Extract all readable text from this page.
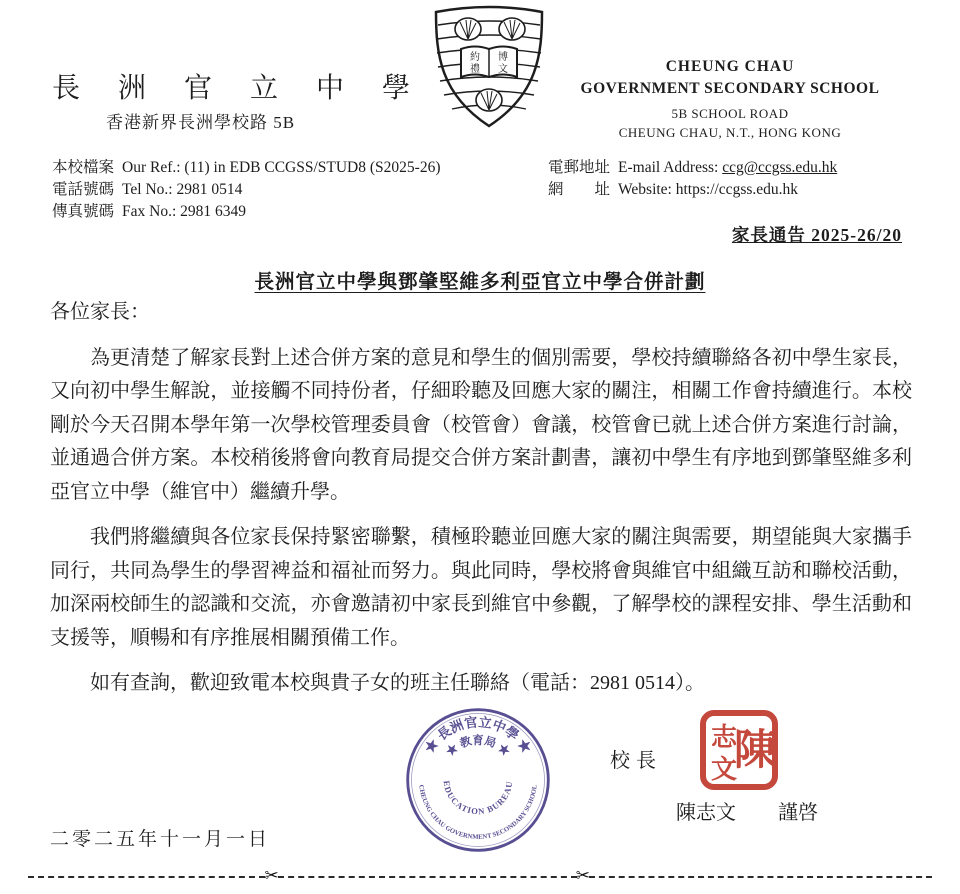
長洲官立中學
香港新界長洲學校路 5B
約
禮
博
文	CHEUNG CHAU
GOVERNMENT SECONDARY SCHOOL
5B SCHOOL ROAD
CHEUNG CHAU, N.T., HONG KONG
本校檔案 Our Ref.: (11) in EDB CCGSS/STUD8 (S2025-26)
電話號碼 Tel No.: 2981 0514
傳真號碼 Fax No.: 2981 6349
電郵地址 E-mail Address: ccg@ccgss.edu.hk
網　　址 Website: https://ccgss.edu.hk
家長通告 2025-26/20
長洲官立中學與鄧肇堅維多利亞官立中學合併計劃

各位家長：

為更清楚了解家長對上述合併方案的意見和學生的個別需要，學校持續聯絡各初中學生家長，又向初中學生解說，並接觸不同持份者，仔細聆聽及回應大家的關注，相關工作會持續進行。本校剛於今天召開本學年第一次學校管理委員會（校管會）會議，校管會已就上述合併方案進行討論，並通過合併方案。本校稍後將會向教育局提交合併方案計劃書，讓初中學生有序地到鄧肇堅維多利亞官立中學（維官中）繼續升學。

我們將繼續與各位家長保持緊密聯繫，積極聆聽並回應大家的關注與需要，期望能與大家攜手同行，共同為學生的學習裨益和福祉而努力。與此同時，學校將會與維官中組織互訪和聯校活動，加深兩校師生的認識和交流，亦會邀請初中家長到維官中參觀，了解學校的課程安排、學生活動和支援等，順暢和有序推展相關預備工作。

如有查詢，歡迎致電本校與貴子女的班主任聯絡（電話：2981 0514）。

★ 長洲官立中學 ★
★ 教育局 ★
EDUCATION BUREAU
CHEUNG CHAU GOVERNMENT SECONDARY SCHOOL
校長 陳
志
文
陳志文 謹啓
二零二五年十一月一日
✂	✂
